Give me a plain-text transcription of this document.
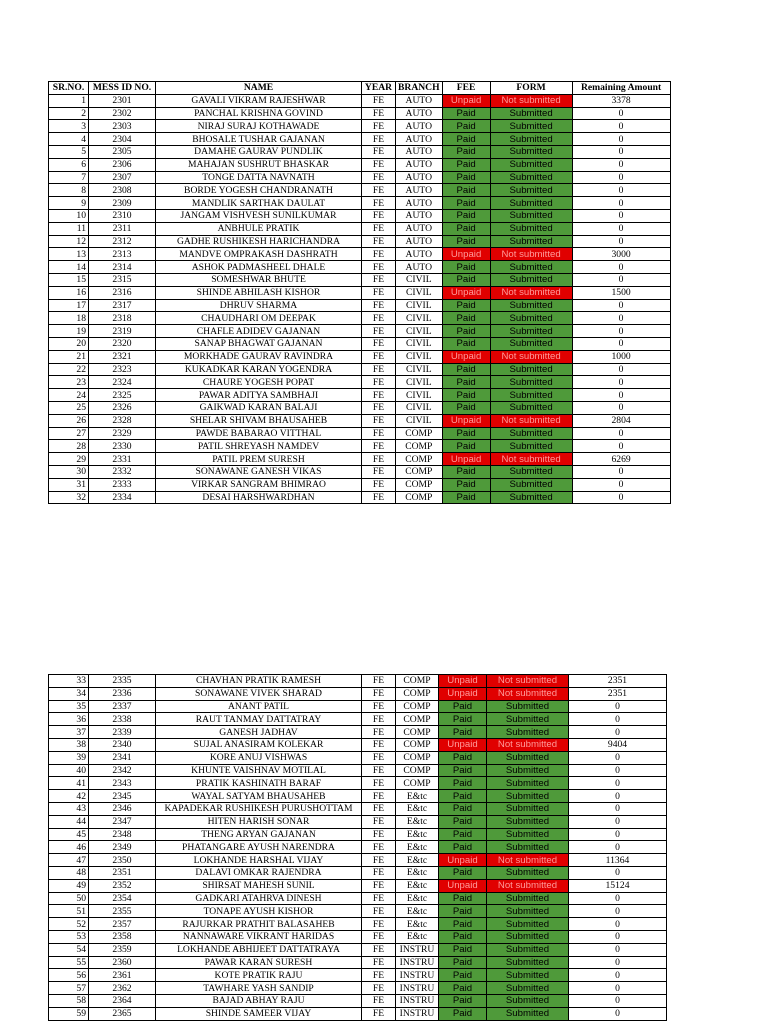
SR.NO.	MESS ID NO.	NAME	YEAR	BRANCH	FEE	FORM	Remaining Amount
1	2301	GAVALI VIKRAM RAJESHWAR	FE	AUTO	Unpaid	Not submitted	3378
2	2302	PANCHAL KRISHNA GOVIND	FE	AUTO	Paid	Submitted	0
3	2303	NIRAJ SURAJ KOTHAWADE	FE	AUTO	Paid	Submitted	0
4	2304	BHOSALE TUSHAR GAJANAN	FE	AUTO	Paid	Submitted	0
5	2305	DAMAHE GAURAV PUNDLIK	FE	AUTO	Paid	Submitted	0
6	2306	MAHAJAN SUSHRUT BHASKAR	FE	AUTO	Paid	Submitted	0
7	2307	TONGE DATTA NAVNATH	FE	AUTO	Paid	Submitted	0
8	2308	BORDE YOGESH CHANDRANATH	FE	AUTO	Paid	Submitted	0
9	2309	MANDLIK SARTHAK DAULAT	FE	AUTO	Paid	Submitted	0
10	2310	JANGAM VISHVESH SUNILKUMAR	FE	AUTO	Paid	Submitted	0
11	2311	ANBHULE PRATIK	FE	AUTO	Paid	Submitted	0
12	2312	GADHE RUSHIKESH HARICHANDRA	FE	AUTO	Paid	Submitted	0
13	2313	MANDVE OMPRAKASH DASHRATH	FE	AUTO	Unpaid	Not submitted	3000
14	2314	ASHOK PADMASHEEL DHALE	FE	AUTO	Paid	Submitted	0
15	2315	SOMESHWAR BHUTE	FE	CIVIL	Paid	Submitted	0
16	2316	SHINDE ABHILASH KISHOR	FE	CIVIL	Unpaid	Not submitted	1500
17	2317	DHRUV SHARMA	FE	CIVIL	Paid	Submitted	0
18	2318	CHAUDHARI OM DEEPAK	FE	CIVIL	Paid	Submitted	0
19	2319	CHAFLE ADIDEV GAJANAN	FE	CIVIL	Paid	Submitted	0
20	2320	SANAP BHAGWAT GAJANAN	FE	CIVIL	Paid	Submitted	0
21	2321	MORKHADE GAURAV RAVINDRA	FE	CIVIL	Unpaid	Not submitted	1000
22	2323	KUKADKAR KARAN YOGENDRA	FE	CIVIL	Paid	Submitted	0
23	2324	CHAURE YOGESH POPAT	FE	CIVIL	Paid	Submitted	0
24	2325	PAWAR ADITYA SAMBHAJI	FE	CIVIL	Paid	Submitted	0
25	2326	GAIKWAD KARAN BALAJI	FE	CIVIL	Paid	Submitted	0
26	2328	SHELAR SHIVAM BHAUSAHEB	FE	CIVIL	Unpaid	Not submitted	2804
27	2329	PAWDE BABARAO VITTHAL	FE	COMP	Paid	Submitted	0
28	2330	PATIL SHREYASH NAMDEV	FE	COMP	Paid	Submitted	0
29	2331	PATIL PREM SURESH	FE	COMP	Unpaid	Not submitted	6269
30	2332	SONAWANE GANESH VIKAS	FE	COMP	Paid	Submitted	0
31	2333	VIRKAR SANGRAM BHIMRAO	FE	COMP	Paid	Submitted	0
32	2334	DESAI HARSHWARDHAN	FE	COMP	Paid	Submitted	0
33	2335	CHAVHAN PRATIK RAMESH	FE	COMP	Unpaid	Not submitted	2351
34	2336	SONAWANE VIVEK SHARAD	FE	COMP	Unpaid	Not submitted	2351
35	2337	ANANT PATIL	FE	COMP	Paid	Submitted	0
36	2338	RAUT TANMAY DATTATRAY	FE	COMP	Paid	Submitted	0
37	2339	GANESH JADHAV	FE	COMP	Paid	Submitted	0
38	2340	SUJAL ANASIRAM KOLEKAR	FE	COMP	Unpaid	Not submitted	9404
39	2341	KORE ANUJ VISHWAS	FE	COMP	Paid	Submitted	0
40	2342	KHUNTE VAISHNAV MOTILAL	FE	COMP	Paid	Submitted	0
41	2343	PRATIK KASHINATH BARAF	FE	COMP	Paid	Submitted	0
42	2345	WAYAL SATYAM BHAUSAHEB	FE	E&tc	Paid	Submitted	0
43	2346	KAPADEKAR RUSHIKESH PURUSHOTTAM	FE	E&tc	Paid	Submitted	0
44	2347	HITEN HARISH SONAR	FE	E&tc	Paid	Submitted	0
45	2348	THENG ARYAN GAJANAN	FE	E&tc	Paid	Submitted	0
46	2349	PHATANGARE AYUSH NARENDRA	FE	E&tc	Paid	Submitted	0
47	2350	LOKHANDE HARSHAL VIJAY	FE	E&tc	Unpaid	Not submitted	11364
48	2351	DALAVI OMKAR RAJENDRA	FE	E&tc	Paid	Submitted	0
49	2352	SHIRSAT MAHESH SUNIL	FE	E&tc	Unpaid	Not submitted	15124
50	2354	GADKARI ATAHRVA DINESH	FE	E&tc	Paid	Submitted	0
51	2355	TONAPE AYUSH KISHOR	FE	E&tc	Paid	Submitted	0
52	2357	RAJURKAR PRATHIT BALASAHEB	FE	E&tc	Paid	Submitted	0
53	2358	NANNAWARE VIKRANT HARIDAS	FE	E&tc	Paid	Submitted	0
54	2359	LOKHANDE ABHIJEET DATTATRAYA	FE	INSTRU	Paid	Submitted	0
55	2360	PAWAR KARAN SURESH	FE	INSTRU	Paid	Submitted	0
56	2361	KOTE PRATIK RAJU	FE	INSTRU	Paid	Submitted	0
57	2362	TAWHARE YASH SANDIP	FE	INSTRU	Paid	Submitted	0
58	2364	BAJAD ABHAY RAJU	FE	INSTRU	Paid	Submitted	0
59	2365	SHINDE SAMEER VIJAY	FE	INSTRU	Paid	Submitted	0
